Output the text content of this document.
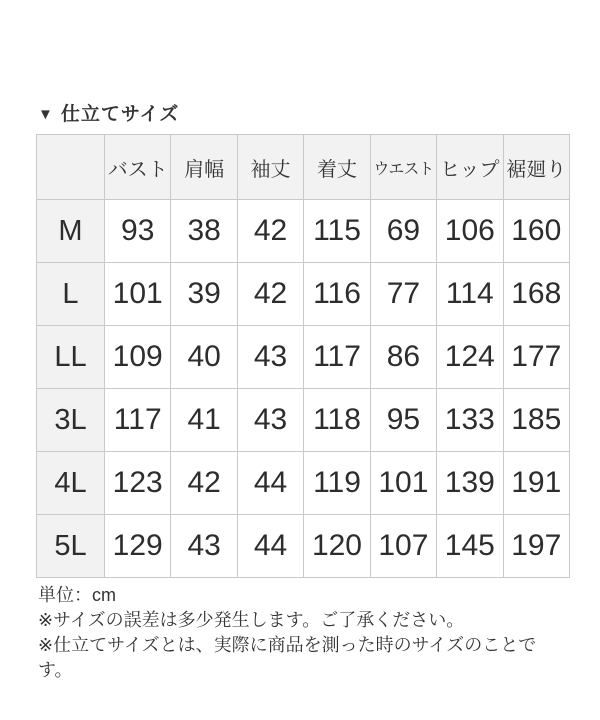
▼ 仕立てサイズ
	バスト	肩幅	袖丈	着丈	ウエスト	ヒップ	裾廻り
M	93	38	42	115	69	106	160
L	101	39	42	116	77	114	168
LL	109	40	43	117	86	124	177
3L	117	41	43	118	95	133	185
4L	123	42	44	119	101	139	191
5L	129	43	44	120	107	145	197
単位：cm
※サイズの誤差は多少発生します。ご了承ください。
※仕立てサイズとは、実際に商品を測った時のサイズのことです。
